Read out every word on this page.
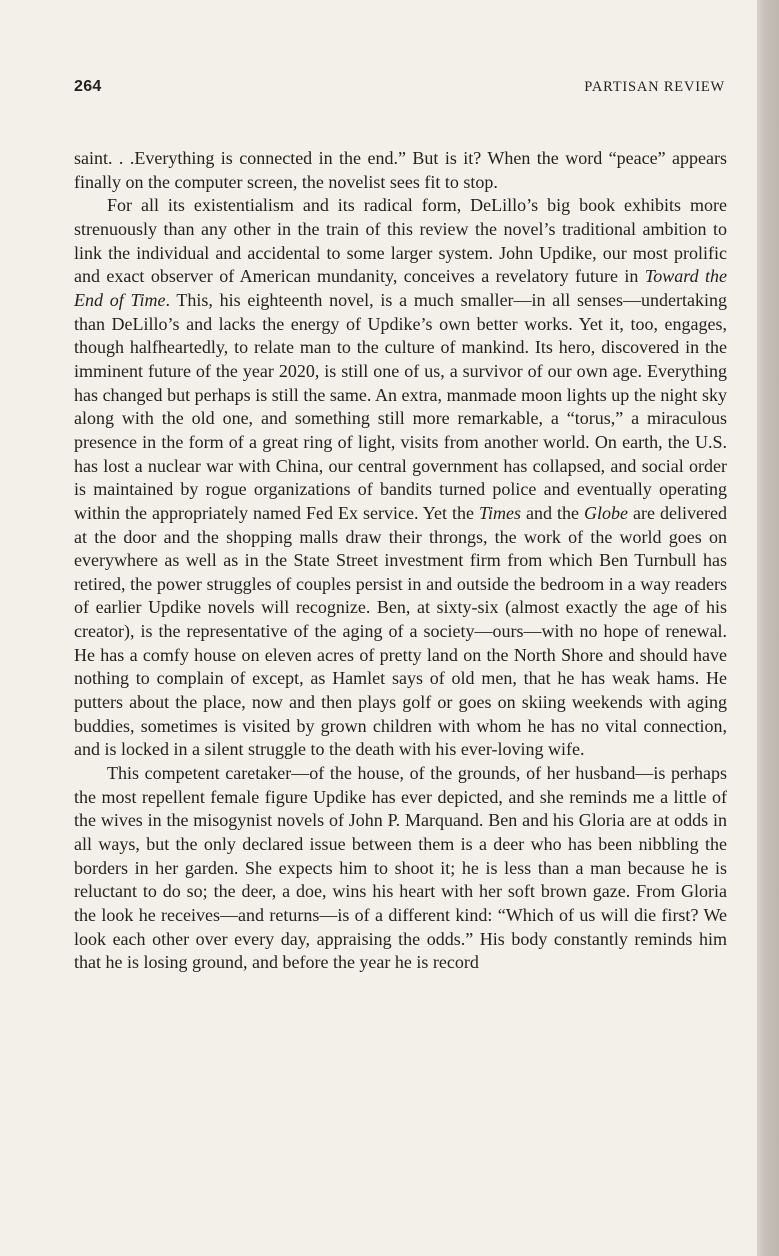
264	PARTISAN REVIEW

saint. . .Everything is connected in the end.” But is it? When the word “peace” appears finally on the computer screen, the novelist sees fit to stop.

For all its existentialism and its radical form, DeLillo’s big book exhibits more strenuously than any other in the train of this review the novel’s traditional ambition to link the individual and accidental to some larger system. John Updike, our most prolific and exact observer of American mundanity, conceives a revelatory future in Toward the End of Time. This, his eighteenth novel, is a much smaller—in all senses—undertaking than DeLillo’s and lacks the energy of Updike’s own better works. Yet it, too, engages, though halfheartedly, to relate man to the culture of mankind. Its hero, discovered in the imminent future of the year 2020, is still one of us, a survivor of our own age. Everything has changed but perhaps is still the same. An extra, manmade moon lights up the night sky along with the old one, and something still more remarkable, a “torus,” a miraculous presence in the form of a great ring of light, visits from another world. On earth, the U.S. has lost a nuclear war with China, our central government has collapsed, and social order is maintained by rogue organizations of bandits turned police and eventually operating within the appropriately named Fed Ex service. Yet the Times and the Globe are delivered at the door and the shopping malls draw their throngs, the work of the world goes on everywhere as well as in the State Street investment firm from which Ben Turnbull has retired, the power struggles of couples persist in and outside the bedroom in a way readers of earlier Updike novels will recognize. Ben, at sixty-six (almost exactly the age of his creator), is the representative of the aging of a society—ours—with no hope of renewal. He has a comfy house on eleven acres of pretty land on the North Shore and should have nothing to complain of except, as Hamlet says of old men, that he has weak hams. He putters about the place, now and then plays golf or goes on skiing weekends with aging buddies, sometimes is visited by grown children with whom he has no vital connection, and is locked in a silent struggle to the death with his ever-loving wife.

This competent caretaker—of the house, of the grounds, of her husband—is perhaps the most repellent female figure Updike has ever depicted, and she reminds me a little of the wives in the misogynist novels of John P. Marquand. Ben and his Gloria are at odds in all ways, but the only declared issue between them is a deer who has been nibbling the borders in her garden. She expects him to shoot it; he is less than a man because he is reluctant to do so; the deer, a doe, wins his heart with her soft brown gaze. From Gloria the look he receives—and returns—is of a different kind: “Which of us will die first? We look each other over every day, appraising the odds.” His body constantly reminds him that he is losing ground, and before the year he is record
